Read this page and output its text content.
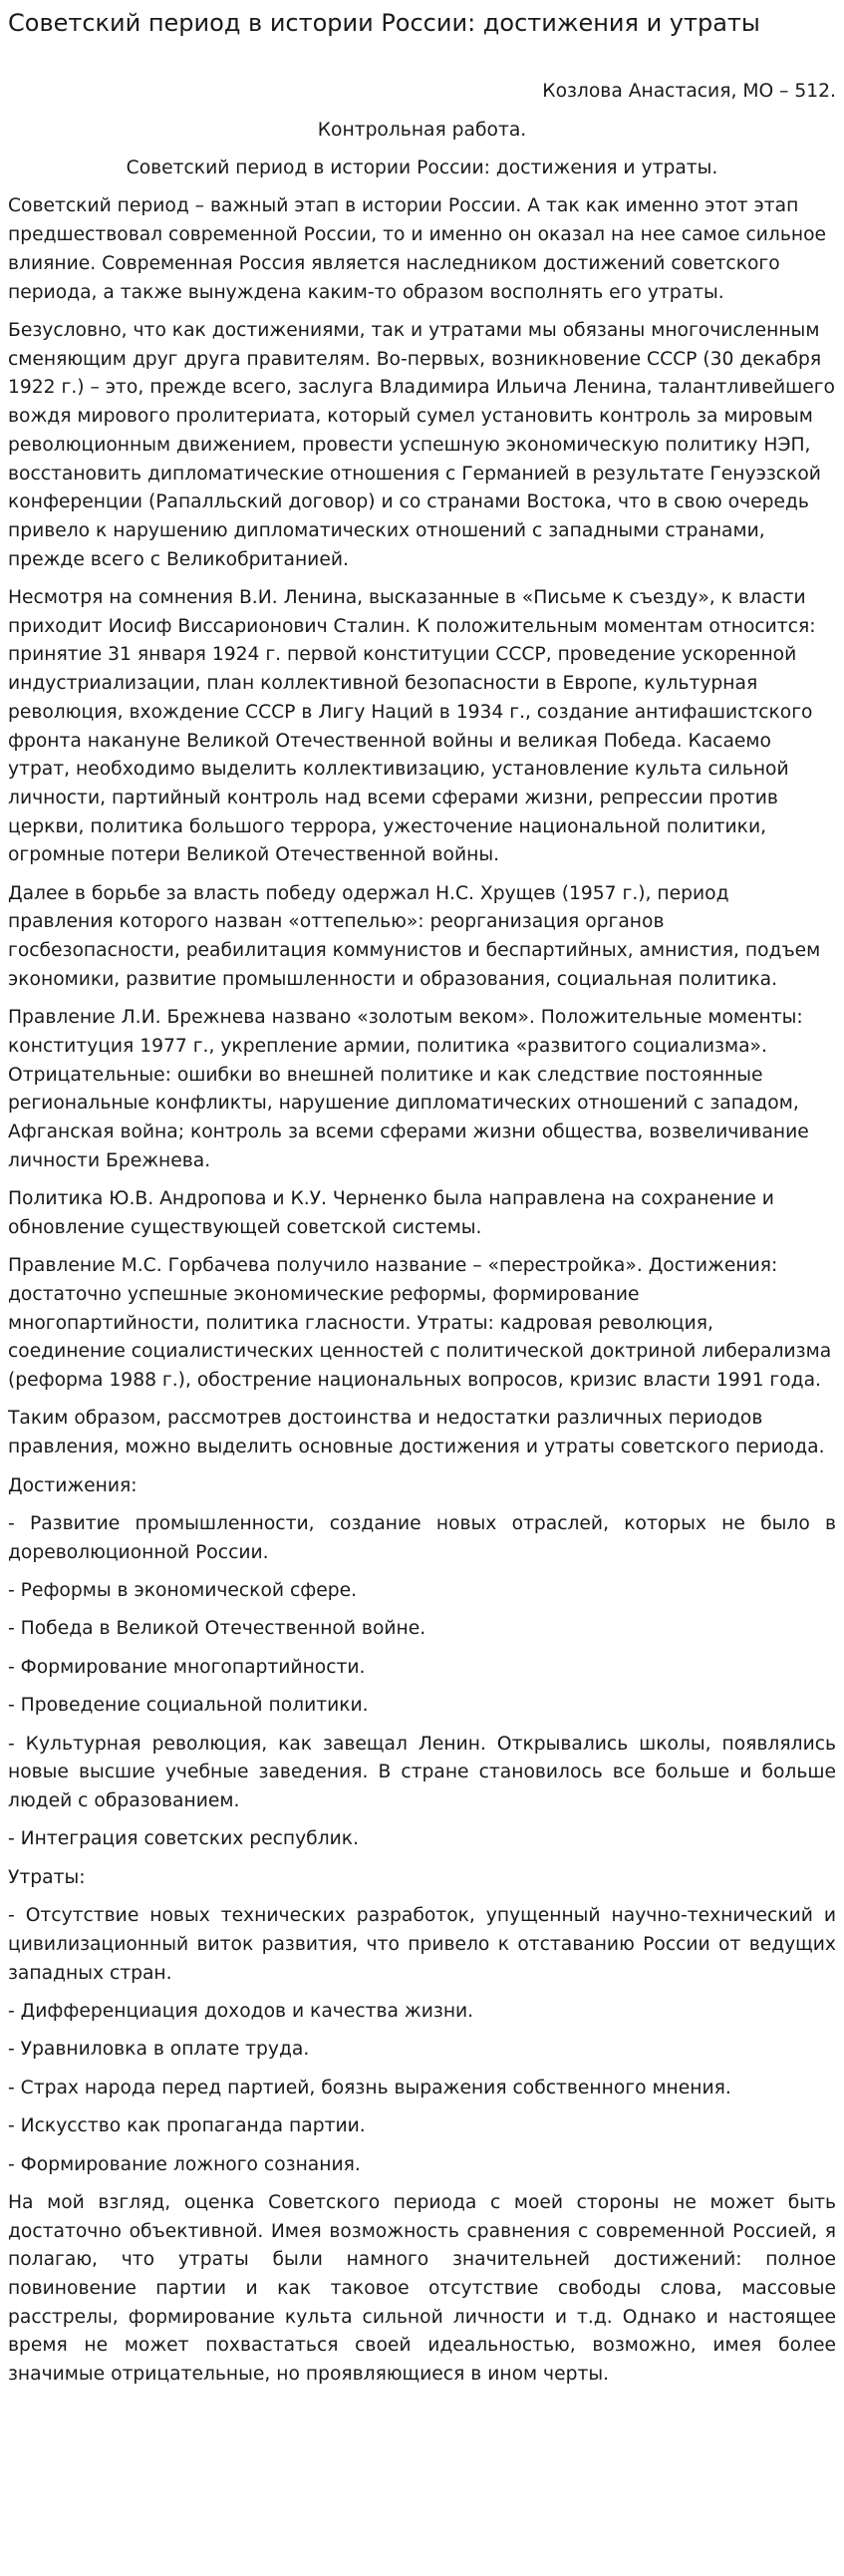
Советский период в истории России: достижения и утраты

Козлова Анастасия, МО – 512.

Контрольная работа.

Советский период в истории России: достижения и утраты.

Советский период – важный этап в истории России. А так как именно этот этап предшествовал современной России, то и именно он оказал на нее самое сильное влияние. Современная Россия является наследником достижений советского периода, а также вынуждена каким-то образом восполнять его утраты.

Безусловно, что как достижениями, так и утратами мы обязаны многочисленным сменяющим друг друга правителям. Во-первых, возникновение СССР (30 декабря 1922 г.) – это, прежде всего, заслуга Владимира Ильича Ленина, талантливейшего вождя мирового пролитериата, который сумел установить контроль за мировым революционным движением, провести успешную экономическую политику НЭП, восстановить дипломатические отношения с Германией в результате Генуэзской конференции (Рапалльский договор) и со странами Востока, что в свою очередь привело к нарушению дипломатических отношений с западными странами, прежде всего с Великобританией.

Несмотря на сомнения В.И. Ленина, высказанные в «Письме к съезду», к власти приходит Иосиф Виссарионович Сталин. К положительным моментам относится: принятие 31 января 1924 г. первой конституции СССР, проведение ускоренной индустриализации, план коллективной безопасности в Европе, культурная революция, вхождение СССР в Лигу Наций в 1934 г., создание антифашистского фронта накануне Великой Отечественной войны и великая Победа. Касаемо утрат, необходимо выделить коллективизацию, установление культа сильной личности, партийный контроль над всеми сферами жизни, репрессии против церкви, политика большого террора, ужесточение национальной политики, огромные потери Великой Отечественной войны.

Далее в борьбе за власть победу одержал Н.С. Хрущев (1957 г.), период правления которого назван «оттепелью»: реорганизация органов госбезопасности, реабилитация коммунистов и беспартийных, амнистия, подъем экономики, развитие промышленности и образования, социальная политика.

Правление Л.И. Брежнева названо «золотым веком». Положительные моменты: конституция 1977 г., укрепление армии, политика «развитого социализма». Отрицательные: ошибки во внешней политике и как следствие постоянные региональные конфликты, нарушение дипломатических отношений с западом, Афганская война; контроль за всеми сферами жизни общества, возвеличивание личности Брежнева.

Политика Ю.В. Андропова и К.У. Черненко была направлена на сохранение и обновление существующей советской системы.

Правление М.С. Горбачева получило название – «перестройка». Достижения: достаточно успешные экономические реформы, формирование многопартийности, политика гласности. Утраты: кадровая революция, соединение социалистических ценностей с политической доктриной либерализма (реформа 1988 г.), обострение национальных вопросов, кризис власти 1991 года.

Таким образом, рассмотрев достоинства и недостатки различных периодов правления, можно выделить основные достижения и утраты советского периода.

Достижения:

- Развитие промышленности, создание новых отраслей, которых не было в дореволюционной России.

- Реформы в экономической сфере.

- Победа в Великой Отечественной войне.

- Формирование многопартийности.

- Проведение социальной политики.

- Культурная революция, как завещал Ленин. Открывались школы, появлялись новые высшие учебные заведения. В стране становилось все больше и больше людей с образованием.

- Интеграция советских республик.

Утраты:

- Отсутствие новых технических разработок, упущенный научно-технический и цивилизационный виток развития, что привело к отставанию России от ведущих западных стран.

- Дифференциация доходов и качества жизни.

- Уравниловка в оплате труда.

- Страх народа перед партией, боязнь выражения собственного мнения.

- Искусство как пропаганда партии.

- Формирование ложного сознания.

На мой взгляд, оценка Советского периода с моей стороны не может быть достаточно объективной. Имея возможность сравнения с современной Россией, я полагаю, что утраты были намного значительней достижений: полное повиновение партии и как таковое отсутствие свободы слова, массовые расстрелы, формирование культа сильной личности и т.д. Однако и настоящее время не может похвастаться своей идеальностью, возможно, имея более значимые отрицательные, но проявляющиеся в ином черты.
